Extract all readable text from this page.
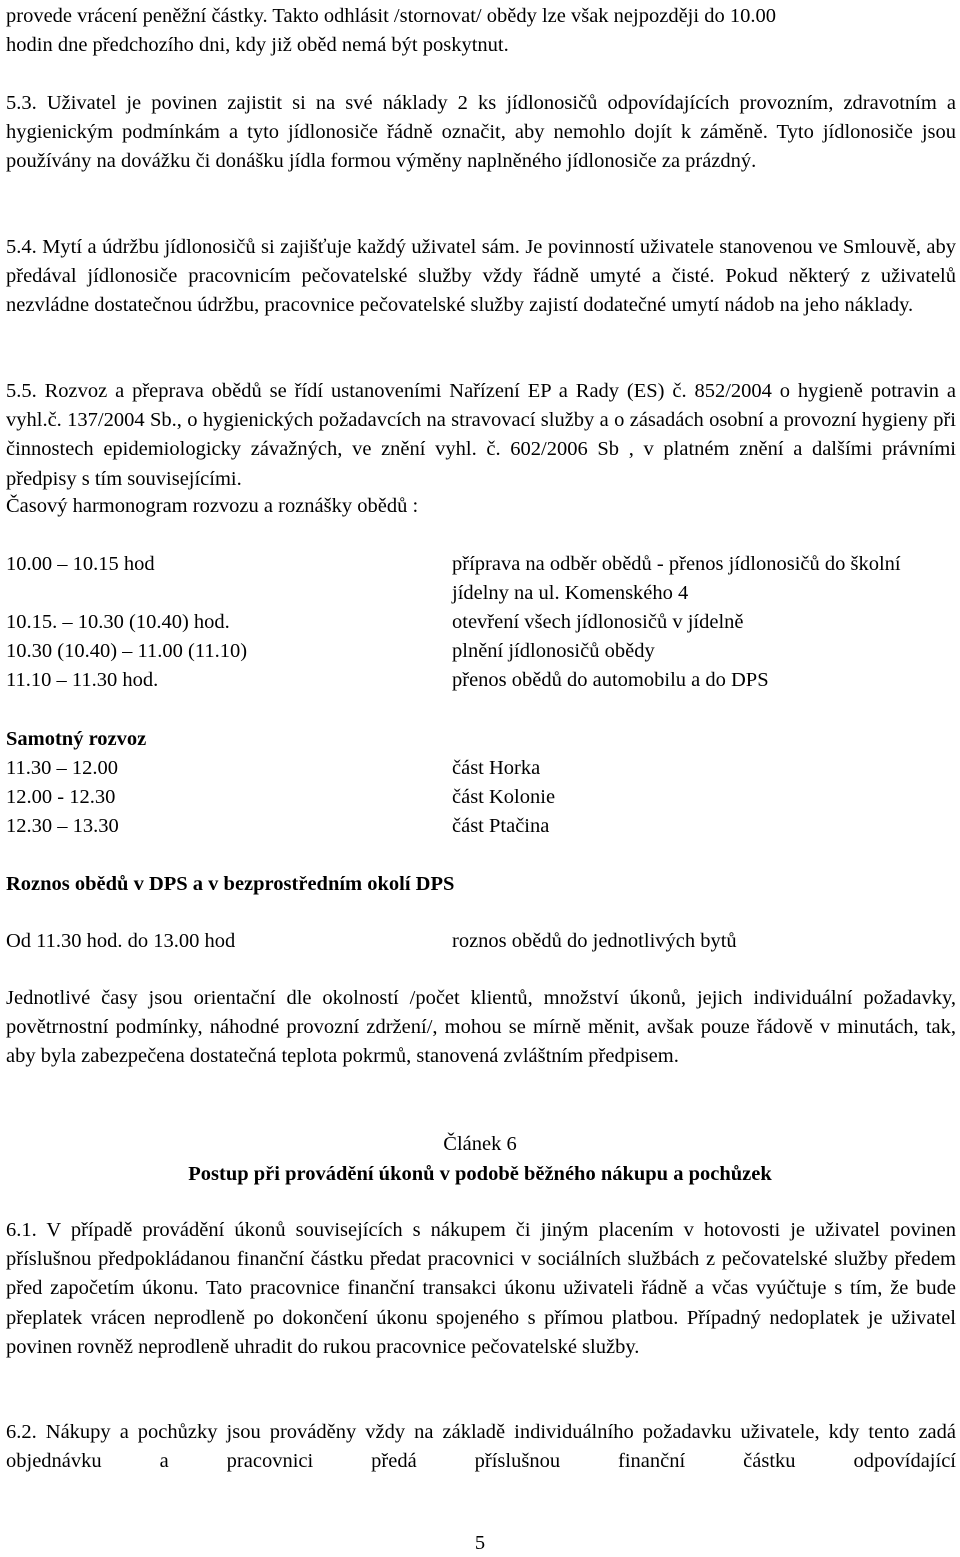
provede vrácení peněžní částky. Takto odhlásit /stornovat/ obědy lze však nejpozději do 10.00
hodin dne předchozího dni, kdy již oběd nemá být poskytnut.

5.3. Uživatel je povinen zajistit si na své náklady 2 ks jídlonosičů odpovídajících provozním, zdravotním a hygienickým podmínkám a tyto jídlonosiče řádně označit, aby nemohlo dojít k záměně. Tyto jídlonosiče jsou používány na dovážku či donášku jídla formou výměny naplněného jídlonosiče za prázdný.

5.4. Mytí a údržbu jídlonosičů si zajišťuje každý uživatel sám. Je povinností uživatele stanovenou ve Smlouvě, aby předával jídlonosiče pracovnicím pečovatelské služby vždy řádně umyté a čisté. Pokud některý z uživatelů nezvládne dostatečnou údržbu, pracovnice pečovatelské služby zajistí dodatečné umytí nádob na jeho náklady.

5.5. Rozvoz a přeprava obědů se řídí ustanoveními Nařízení EP a Rady (ES) č. 852/2004 o hygieně potravin a vyhl.č. 137/2004 Sb., o hygienických požadavcích na stravovací služby a o zásadách osobní a provozní hygieny při činnostech epidemiologicky závažných, ve znění vyhl. č. 602/2006 Sb , v platném znění a dalšími právními předpisy s tím souvisejícími.

Časový harmonogram rozvozu a roznášky obědů :
10.00 – 10.15 hod	příprava na odběr obědů - přenos jídlonosičů do školní jídelny na ul. Komenského 4
10.15. – 10.30 (10.40) hod.	otevření všech jídlonosičů v jídelně
10.30 (10.40) – 11.00 (11.10)	plnění jídlonosičů obědy
11.10 – 11.30 hod.	přenos obědů do automobilu a do DPS
Samotný rozvoz
11.30 – 12.00	část Horka
12.00 - 12.30	část Kolonie
12.30 – 13.30	část Ptačina
Roznos obědů v DPS a v bezprostředním okolí DPS
Od 11.30 hod. do 13.00 hod	roznos obědů do jednotlivých bytů

Jednotlivé časy jsou orientační dle okolností /počet klientů, množství úkonů, jejich individuální požadavky, povětrnostní podmínky, náhodné provozní zdržení/, mohou se mírně měnit, avšak pouze řádově v minutách, tak, aby byla zabezpečena dostatečná teplota pokrmů, stanovená zvláštním předpisem.

Článek 6
Postup při provádění úkonů v podobě běžného nákupu a pochůzek

6.1. V případě provádění úkonů souvisejících s nákupem či jiným placením v hotovosti je uživatel povinen příslušnou předpokládanou finanční částku předat pracovnici v sociálních službách z pečovatelské služby předem před započetím úkonu. Tato pracovnice finanční transakci úkonu uživateli řádně a včas vyúčtuje s tím, že bude přeplatek vrácen neprodleně po dokončení úkonu spojeného s přímou platbou. Případný nedoplatek je uživatel povinen rovněž neprodleně uhradit do rukou pracovnice pečovatelské služby.

6.2. Nákupy a pochůzky jsou prováděny vždy na základě individuálního požadavku uživatele, kdy tento zadá objednávku a pracovnici předá příslušnou finanční částku odpovídající

5
